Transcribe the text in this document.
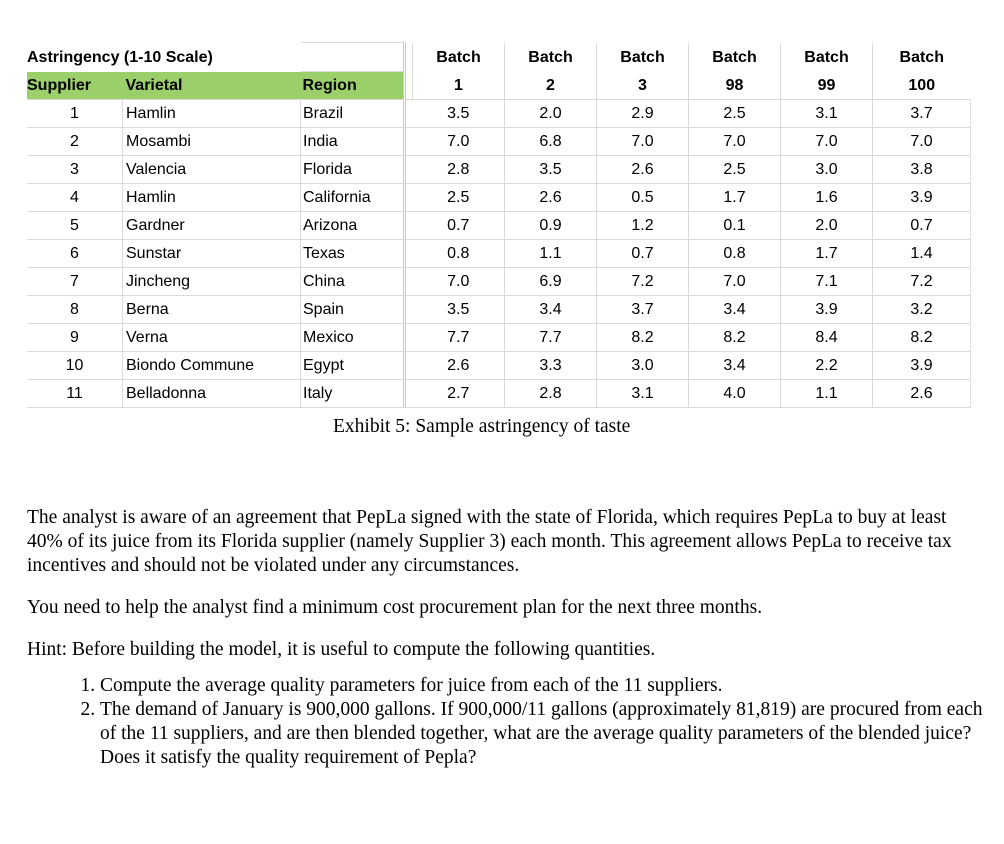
Astringency (1-10 Scale)				Batch	Batch	Batch	Batch	Batch	Batch
Supplier	Varietal	Region		1	2	3	98	99	100
1	Hamlin	Brazil		3.5	2.0	2.9	2.5	3.1	3.7
2	Mosambi	India		7.0	6.8	7.0	7.0	7.0	7.0
3	Valencia	Florida		2.8	3.5	2.6	2.5	3.0	3.8
4	Hamlin	California		2.5	2.6	0.5	1.7	1.6	3.9
5	Gardner	Arizona		0.7	0.9	1.2	0.1	2.0	0.7
6	Sunstar	Texas		0.8	1.1	0.7	0.8	1.7	1.4
7	Jincheng	China		7.0	6.9	7.2	7.0	7.1	7.2
8	Berna	Spain		3.5	3.4	3.7	3.4	3.9	3.2
9	Verna	Mexico		7.7	7.7	8.2	8.2	8.4	8.2
10	Biondo Commune	Egypt		2.6	3.3	3.0	3.4	2.2	3.9
11	Belladonna	Italy		2.7	2.8	3.1	4.0	1.1	2.6
Exhibit 5: Sample astringency of taste

The analyst is aware of an agreement that PepLa signed with the state of Florida, which requires PepLa to buy at least 40% of its juice from its Florida supplier (namely Supplier 3) each month. This agreement allows PepLa to receive tax incentives and should not be violated under any circumstances.

You need to help the analyst find a minimum cost procurement plan for the next three months.

Hint: Before building the model, it is useful to compute the following quantities.

1. Compute the average quality parameters for juice from each of the 11 suppliers.
2. The demand of January is 900,000 gallons. If 900,000/11 gallons (approximately 81,819) are procured from each of the 11 suppliers, and are then blended together, what are the average quality parameters of the blended juice? Does it satisfy the quality requirement of Pepla?
